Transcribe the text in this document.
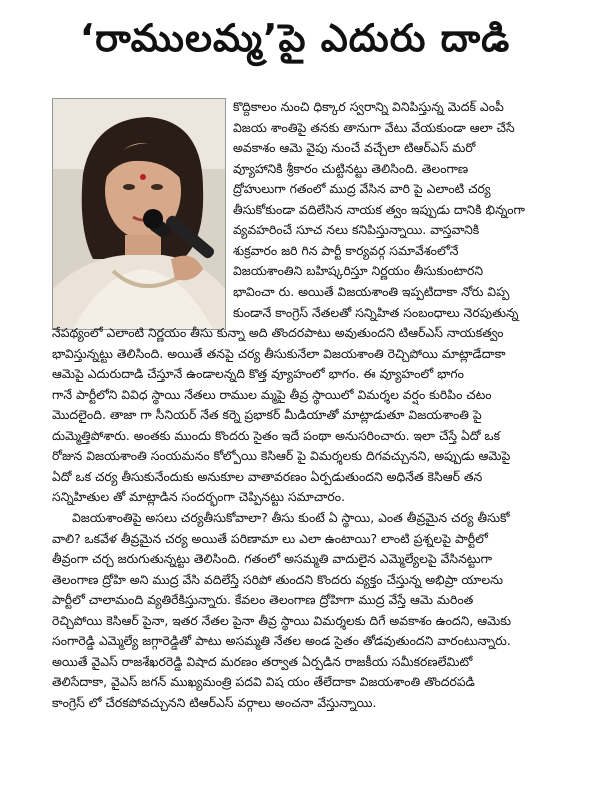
‘రాములమ్మ’పై ఎదురు దాడి
కొద్దికాలం నుంచి ధిక్కార స్వరాన్ని వినిపిస్తున్న మెదక్ ఎంపీ
విజయ శాంతిపై తనకు తానుగా వేటు వేయకుండా ఆలా చేసే
అవకాశం ఆమె వైపు నుంచే వచ్చేలా టిఆర్ఎస్ మరో
వ్యూహానికి శ్రీకారం చుట్టినట్టు తెలిసింది. తెలంగాణ
ద్రోహులుగా గతంలో ముద్ర వేసిన వారి పై ఎలాంటి చర్య
తీసుకోకుండా వదిలేసిన నాయక త్వం ఇప్పుడు దానికి భిన్నంగా
వ్యవహరించే సూచ నలు కనిపిస్తున్నాయి. వాస్తవానికి
శుక్రవారం జరి గిన పార్టీ కార్యవర్గ సమావేశంలోనే
విజయశాంతిని బహిష్కరిస్తూ నిర్ణయం తీసుకుంటారని
భావించా రు. అయితే విజయశాంతి ఇప్పటిదాకా నోరు విప్ప
కుండానే కాంగ్రెస్ నేతలతో సన్నిహిత సంబంధాలు నెరపుతున్న
నేపథ్యంలో ఎలాంటి నిర్ణయం తీసు కున్నా అది తొందరపాటు అవుతుందని టిఆర్ఎస్ నాయకత్వం
భావిస్తున్నట్టు తెలిసింది. అయితే తనపై చర్య తీసుకునేలా విజయశాంతి రెచ్చిపోయి మాట్లాడేదాకా
ఆమెపై ఎదురుదాడి చేస్తూనే ఉండాలన్నది కొత్త వ్యూహంలో భాగం. ఈ వ్యూహంలో భాగం
గానే పార్టీలోని వివిధ స్థాయి నేతలు రాముల మ్మపై తీవ్ర స్థాయిలో విమర్శల వర్షం కురిపిం చటం
మొదలైంది. తాజా గా సీనియర్ నేత కర్నె ప్రభాకర్ మీడియాతో మాట్లాడుతూ విజయశాంతి పై
దుమ్మెత్తిపోశారు. అంతకు ముందు కొందరు సైతం ఇదే పంథా అనుసరించారు. ఇలా చేస్తే ఏదో ఒక
రోజున విజయశాంతి సంయమనం కోల్పోయి కెసిఆర్ పై విమర్శలకు దిగవచ్చునని, అప్పుడు ఆమెపై
ఏదో ఒక చర్య తీసుకునేందుకు అనుకూల వాతావరణం ఏర్పడుతుందని అధినేత కెసిఆర్ తన
సన్నిహితుల తో మాట్లాడిన సందర్భంగా చెప్పినట్టు సమాచారం.
విజయశాంతిపై అసలు చర్యతీసుకోవాలా? తీసు కుంటే ఏ స్థాయి, ఎంత తీవ్రమైన చర్య తీసుకో
వాలి? ఒకవేళ తీవ్రమైన చర్య అయితే పరిణామా లు ఎలా ఉంటాయి? లాంటి ప్రశ్నలపై పార్టీలో
తీవ్రంగా చర్చ జరుగుతున్నట్టు తెలిసింది. గతంలో అసమ్మతి వాదులైన ఎమ్మెల్యేలపై వేసినట్టుగా
తెలంగాణ ద్రోహి అని ముద్ర వేసి వదిలేస్తే సరిపో తుందని కొందరు వ్యక్తం చేస్తున్న అభిప్రా యాలను
పార్టీలో చాలామంది వ్యతిరేకిస్తున్నారు. కేవలం తెలంగాణ ద్రోహిగా ముద్ర వేస్తే ఆమె మరింత
రెచ్చిపోయి కెసిఆర్ పైనా, ఇతర నేతల పైనా తీవ్ర స్థాయి విమర్శలకు దిగే అవకాశం ఉందని, ఆమెకు
సంగారెడ్డి ఎమ్మెల్యే జగ్గారెడ్డితో పాటు అసమ్మతి నేతల అండ సైతం తోడవుతుందని వారంటున్నారు.
అయితే వైఎస్ రాజశేఖరరెడ్డి విషాద మరణం తర్వాత ఏర్పడిన రాజకీయ సమీకరణలేమిటో
తెలిసేదాకా, వైఎస్ జగన్ ముఖ్యమంత్రి పదవి విష యం తేలేదాకా విజయశాంతి తొందరపడి
కాంగ్రెస్ లో చేరకపోవచ్చునని టిఆర్ఎస్ వర్గాలు అంచనా వేస్తున్నాయి.
